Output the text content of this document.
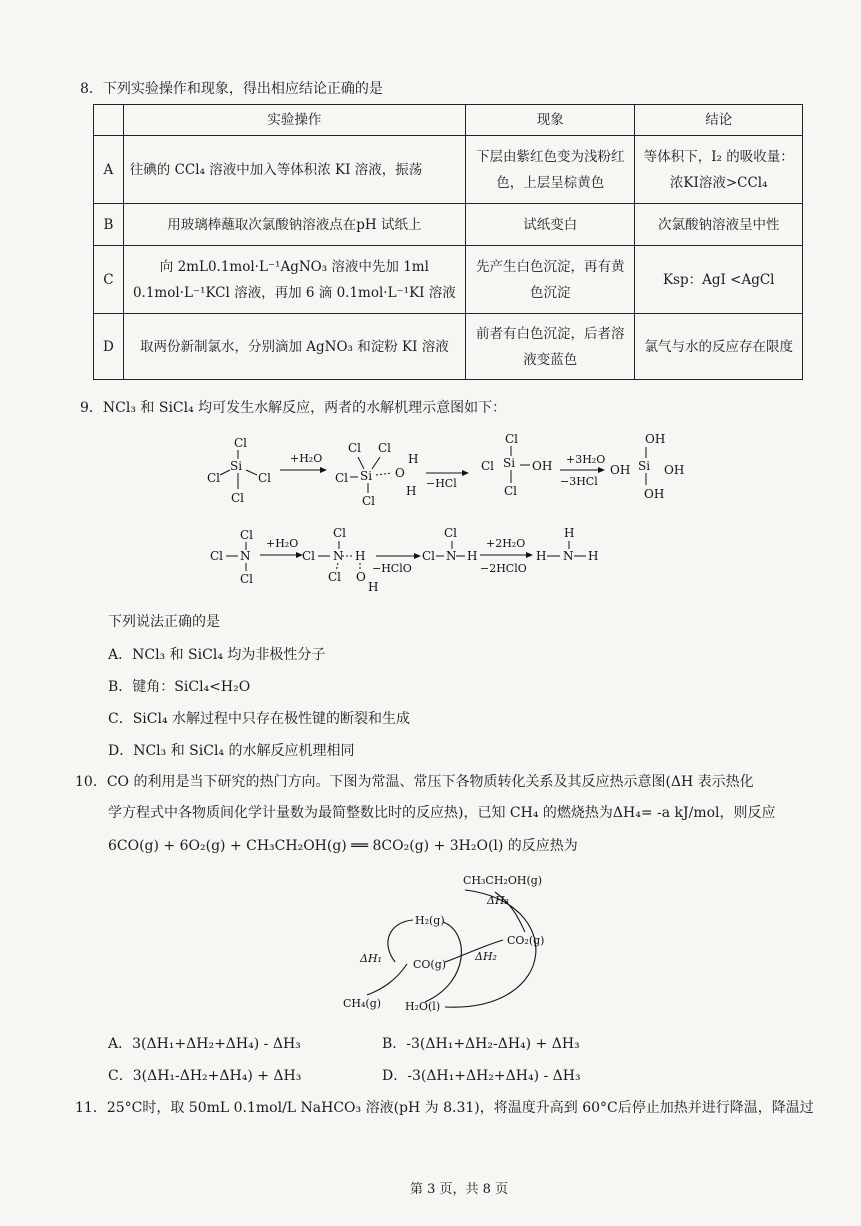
8．下列实验操作和现象，得出相应结论正确的是
	实验操作	现象	结论
A	往碘的 CCl₄ 溶液中加入等体积浓 KI 溶液，振荡	下层由紫红色变为浅粉红色，上层呈棕黄色	等体积下，I₂ 的吸收量：浓KI溶液>CCl₄
B	用玻璃棒蘸取次氯酸钠溶液点在pH 试纸上	试纸变白	次氯酸钠溶液呈中性
C	向 2mL0.1mol·L⁻¹AgNO₃ 溶液中先加 1ml 0.1mol·L⁻¹KCl 溶液，再加 6 滴 0.1mol·L⁻¹KI 溶液	先产生白色沉淀，再有黄色沉淀	Ksp：AgI <AgCl
D	取两份新制氯水，分别滴加 AgNO₃ 和淀粉 KI 溶液	前者有白色沉淀，后者溶液变蓝色	氯气与水的反应存在限度
9．NCl₃ 和 SiCl₄ 均可发生水解反应，两者的水解机理示意图如下：
Cl
Si
Cl	Cl
Cl
+H₂O
Cl
Cl Cl
Si
Cl
O
H
H
−HCl
Cl
Cl Si OH
Cl
+3H₂O
−3HCl
OH
OH Si OH
OH
Cl
Cl N
Cl
+H₂O
Cl
Cl
N H
Cl O
H
−HClO
Cl
Cl
N H
+2H₂O
−2HClO
H
H N H
下列说法正确的是
A．NCl₃ 和 SiCl₄ 均为非极性分子
B．键角：SiCl₄<H₂O
C．SiCl₄ 水解过程中只存在极性键的断裂和生成
D．NCl₃ 和 SiCl₄ 的水解反应机理相同
10．CO 的利用是当下研究的热门方向。下图为常温、常压下各物质转化关系及其反应热示意图(ΔH 表示热化
学方程式中各物质间化学计量数为最简整数比时的反应热)，已知 CH₄ 的燃烧热为ΔH₄= -a kJ/mol，则反应
6CO(g) + 6O₂(g) + CH₃CH₂OH(g) ══ 8CO₂(g) + 3H₂O(l) 的反应热为
CH₃CH₂OH(g)
ΔH₃
H₂(g)
CO₂(g)
ΔH₁	CO(g)
ΔH₂
CH₄(g) H₂O(l)
A．3(ΔH₁+ΔH₂+ΔH₄) - ΔH₃	B．-3(ΔH₁+ΔH₂-ΔH₄) + ΔH₃
C．3(ΔH₁-ΔH₂+ΔH₄) + ΔH₃	D．-3(ΔH₁+ΔH₂+ΔH₄) - ΔH₃
11．25°C时，取 50mL 0.1mol/L NaHCO₃ 溶液(pH 为 8.31)，将温度升高到 60°C后停止加热并进行降温，降温过
第 3 页，共 8 页
